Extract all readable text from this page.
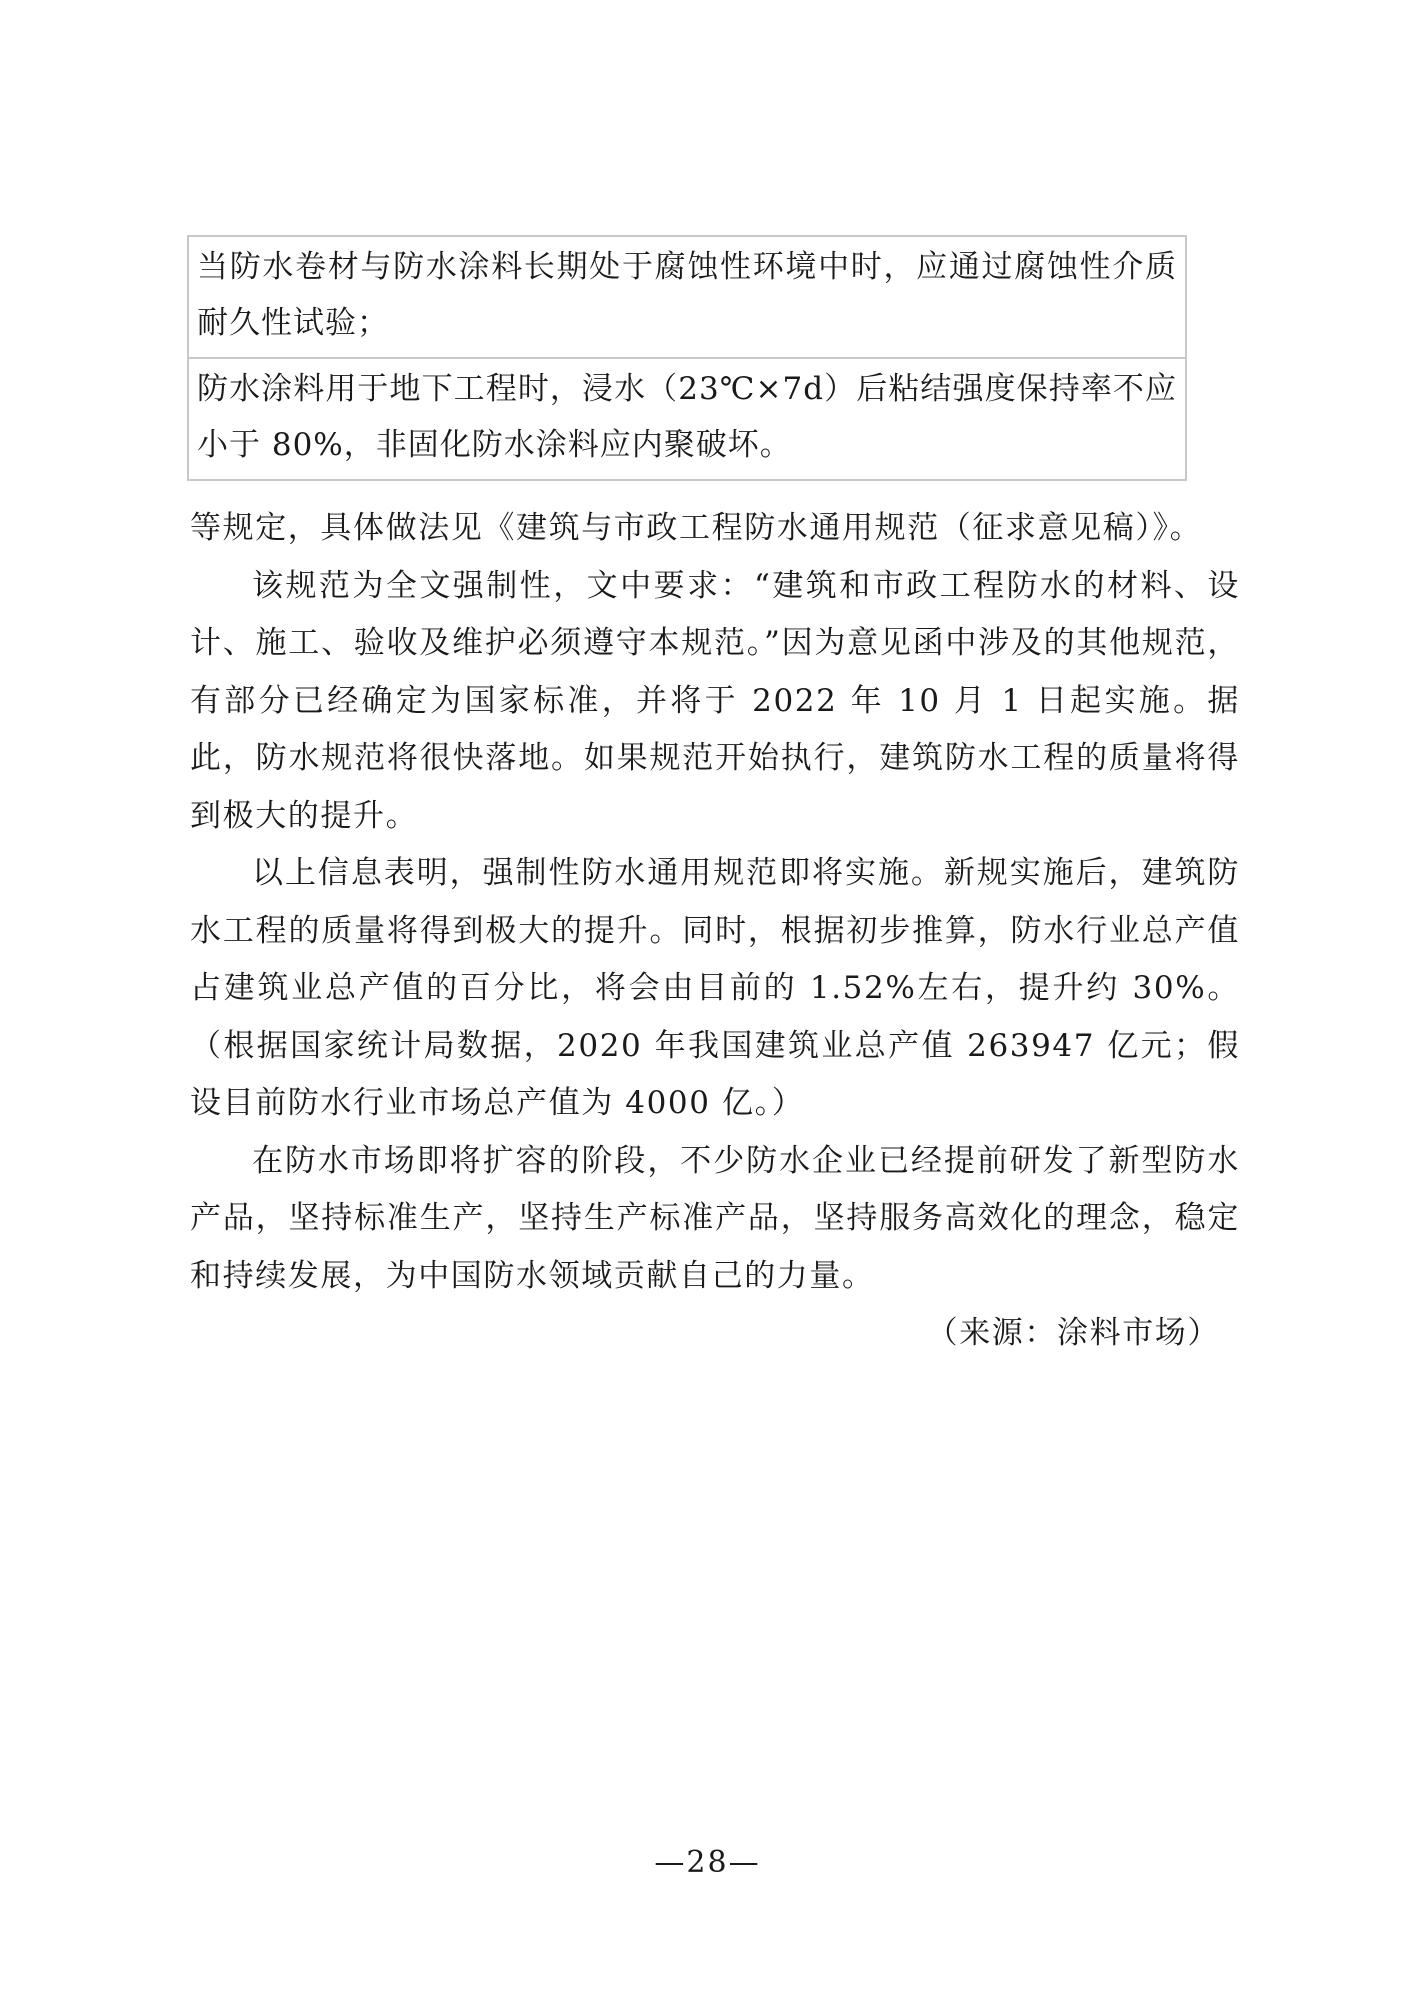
当防水卷材与防水涂料长期处于腐蚀性环境中时，应通过腐蚀性介质耐久性试验；
防水涂料用于地下工程时，浸水（23℃×7d）后粘结强度保持率不应小于 80%，非固化防水涂料应内聚破坏。

等规定，具体做法见《建筑与市政工程防水通用规范（征求意见稿）》。

该规范为全文强制性，文中要求：“建筑和市政工程防水的材料、设计、施工、验收及维护必须遵守本规范。”因为意见函中涉及的其他规范，有部分已经确定为国家标准，并将于 2022 年 10 月 1 日起实施。据此，防水规范将很快落地。如果规范开始执行，建筑防水工程的质量将得到极大的提升。

以上信息表明，强制性防水通用规范即将实施。新规实施后，建筑防水工程的质量将得到极大的提升。同时，根据初步推算，防水行业总产值占建筑业总产值的百分比，将会由目前的 1.52%左右，提升约 30%。（根据国家统计局数据，2020 年我国建筑业总产值 263947 亿元；假设目前防水行业市场总产值为 4000 亿。）

在防水市场即将扩容的阶段，不少防水企业已经提前研发了新型防水产品，坚持标准生产，坚持生产标准产品，坚持服务高效化的理念，稳定和持续发展，为中国防水领域贡献自己的力量。

（来源：涂料市场）

—28—
